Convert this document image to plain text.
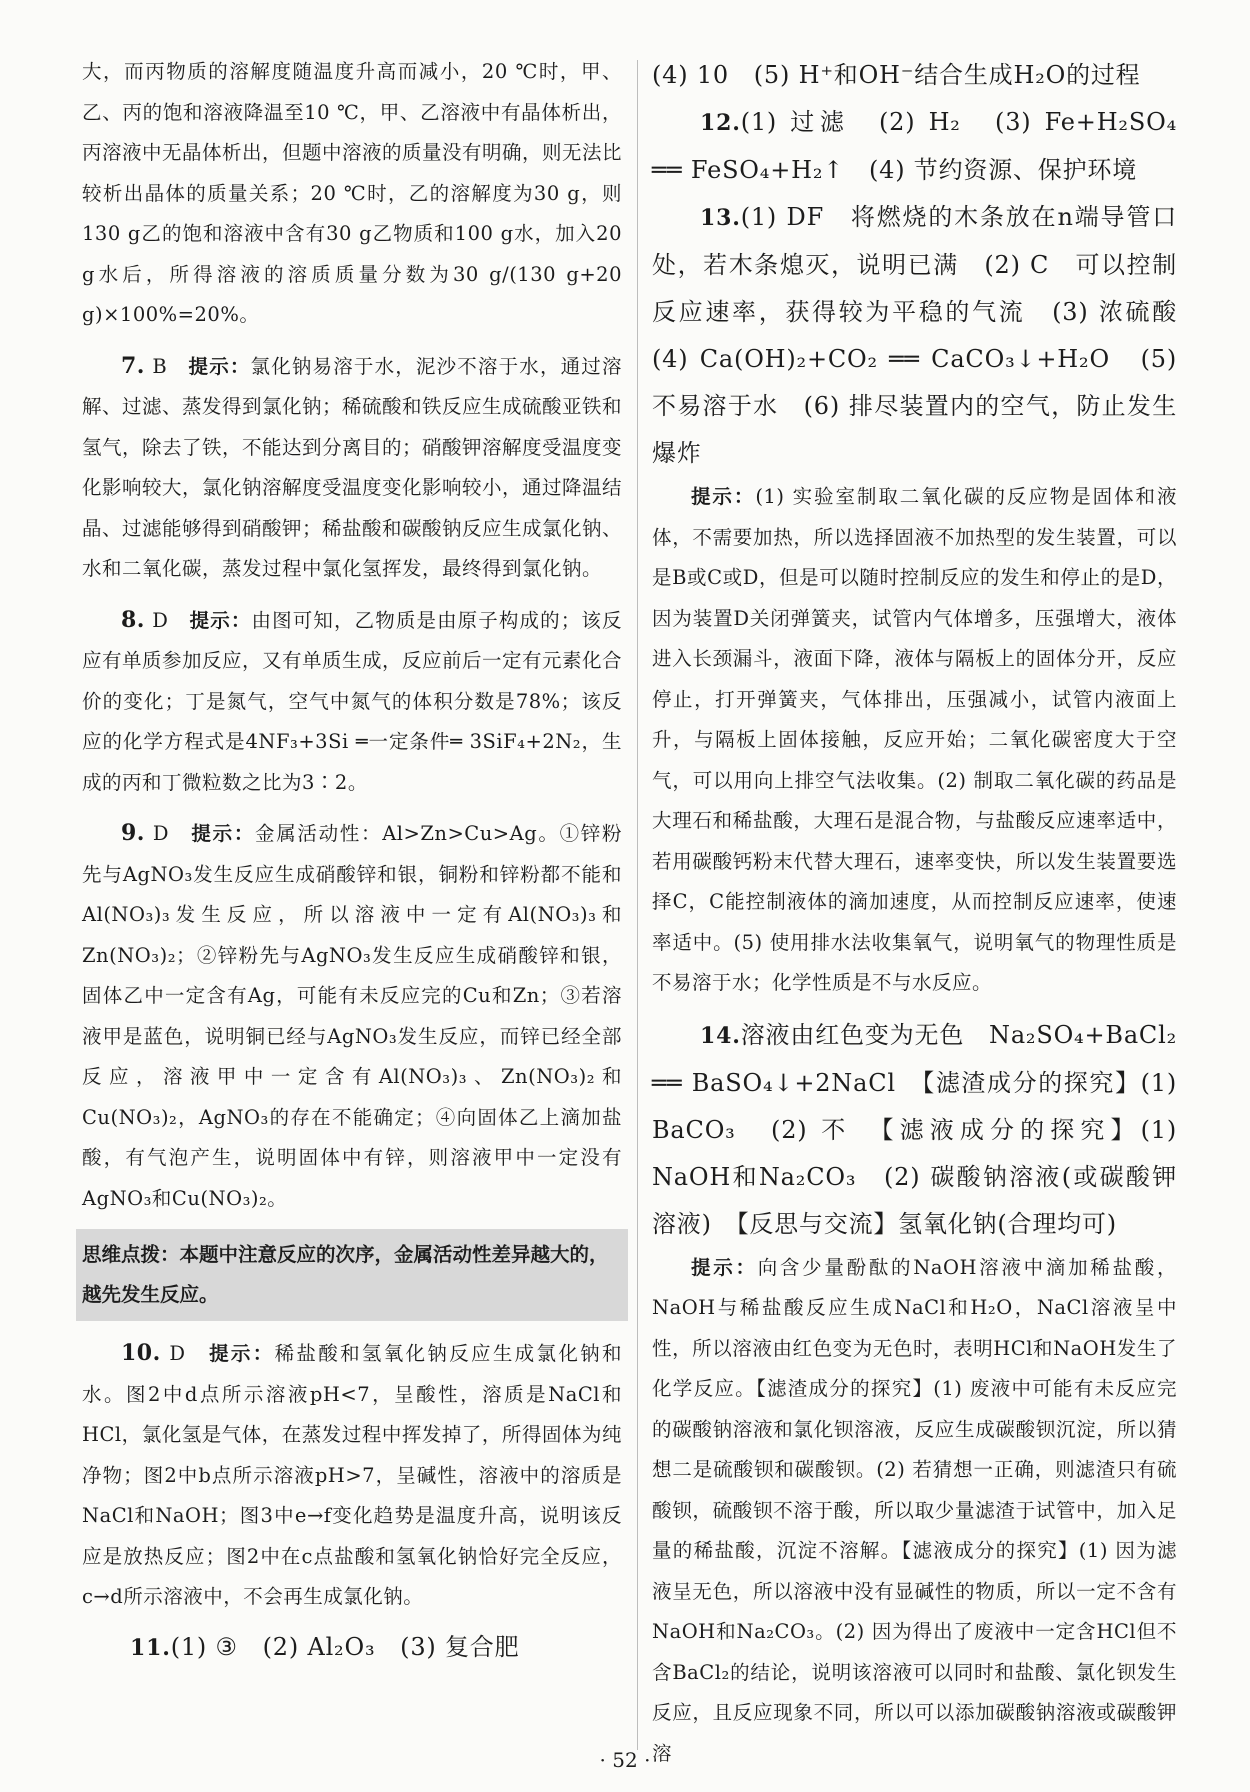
大，而丙物质的溶解度随温度升高而减小，20 ℃时，甲、乙、丙的饱和溶液降温至10 ℃，甲、乙溶液中有晶体析出，丙溶液中无晶体析出，但题中溶液的质量没有明确，则无法比较析出晶体的质量关系；20 ℃时，乙的溶解度为30 g，则130 g乙的饱和溶液中含有30 g乙物质和100 g水，加入20 g水后，所得溶液的溶质质量分数为30 g/(130 g+20 g)×100%=20%。

7. B　 提示：氯化钠易溶于水，泥沙不溶于水，通过溶解、过滤、蒸发得到氯化钠；稀硫酸和铁反应生成硫酸亚铁和氢气，除去了铁，不能达到分离目的；硝酸钾溶解度受温度变化影响较大，氯化钠溶解度受温度变化影响较小，通过降温结晶、过滤能够得到硝酸钾；稀盐酸和碳酸钠反应生成氯化钠、水和二氧化碳，蒸发过程中氯化氢挥发，最终得到氯化钠。

8. D　 提示：由图可知，乙物质是由原子构成的；该反应有单质参加反应，又有单质生成，反应前后一定有元素化合价的变化；丁是氮气，空气中氮气的体积分数是78%；该反应的化学方程式是4NF₃+3Si ═一定条件═ 3SiF₄+2N₂，生成的丙和丁微粒数之比为3∶2。

9. D　 提示：金属活动性：Al>Zn>Cu>Ag。①锌粉先与AgNO₃发生反应生成硝酸锌和银，铜粉和锌粉都不能和Al(NO₃)₃发生反应，所以溶液中一定有Al(NO₃)₃和Zn(NO₃)₂；②锌粉先与AgNO₃发生反应生成硝酸锌和银，固体乙中一定含有Ag，可能有未反应完的Cu和Zn；③若溶液甲是蓝色，说明铜已经与AgNO₃发生反应，而锌已经全部反应，溶液甲中一定含有Al(NO₃)₃、Zn(NO₃)₂和Cu(NO₃)₂，AgNO₃的存在不能确定；④向固体乙上滴加盐酸，有气泡产生，说明固体中有锌，则溶液甲中一定没有AgNO₃和Cu(NO₃)₂。

思维点拨：本题中注意反应的次序，金属活动性差异越大的，越先发生反应。

10. D　 提示：稀盐酸和氢氧化钠反应生成氯化钠和水。图2中d点所示溶液pH<7，呈酸性，溶质是NaCl和HCl，氯化氢是气体，在蒸发过程中挥发掉了，所得固体为纯净物；图2中b点所示溶液pH>7，呈碱性，溶液中的溶质是NaCl和NaOH；图3中e→f变化趋势是温度升高，说明该反应是放热反应；图2中在c点盐酸和氢氧化钠恰好完全反应，c→d所示溶液中，不会再生成氯化钠。

11.(1) ③　(2) Al₂O₃　(3) 复合肥

(4) 10　(5) H⁺和OH⁻结合生成H₂O的过程

12.(1) 过滤　(2) H₂　(3) Fe+H₂SO₄ ══ FeSO₄+H₂↑　(4) 节约资源、保护环境

13.(1) DF　将燃烧的木条放在n端导管口处，若木条熄灭，说明已满　(2) C　可以控制反应速率，获得较为平稳的气流　(3) 浓硫酸　(4) Ca(OH)₂+CO₂ ══ CaCO₃↓+H₂O　(5) 不易溶于水　(6) 排尽装置内的空气，防止发生爆炸

提示：(1) 实验室制取二氧化碳的反应物是固体和液体，不需要加热，所以选择固液不加热型的发生装置，可以是B或C或D，但是可以随时控制反应的发生和停止的是D，因为装置D关闭弹簧夹，试管内气体增多，压强增大，液体进入长颈漏斗，液面下降，液体与隔板上的固体分开，反应停止，打开弹簧夹，气体排出，压强减小，试管内液面上升，与隔板上固体接触，反应开始；二氧化碳密度大于空气，可以用向上排空气法收集。(2) 制取二氧化碳的药品是大理石和稀盐酸，大理石是混合物，与盐酸反应速率适中，若用碳酸钙粉末代替大理石，速率变快，所以发生装置要选择C，C能控制液体的滴加速度，从而控制反应速率，使速率适中。(5) 使用排水法收集氧气，说明氧气的物理性质是不易溶于水；化学性质是不与水反应。

14.溶液由红色变为无色　Na₂SO₄+BaCl₂ ══ BaSO₄↓+2NaCl　【滤渣成分的探究】(1) BaCO₃　(2) 不　【滤液成分的探究】(1) NaOH和Na₂CO₃　(2) 碳酸钠溶液(或碳酸钾溶液)　【反思与交流】氢氧化钠(合理均可)

提示：向含少量酚酞的NaOH溶液中滴加稀盐酸，NaOH与稀盐酸反应生成NaCl和H₂O，NaCl溶液呈中性，所以溶液由红色变为无色时，表明HCl和NaOH发生了化学反应。【滤渣成分的探究】(1) 废液中可能有未反应完的碳酸钠溶液和氯化钡溶液，反应生成碳酸钡沉淀，所以猜想二是硫酸钡和碳酸钡。(2) 若猜想一正确，则滤渣只有硫酸钡，硫酸钡不溶于酸，所以取少量滤渣于试管中，加入足量的稀盐酸，沉淀不溶解。【滤液成分的探究】(1) 因为滤液呈无色，所以溶液中没有显碱性的物质，所以一定不含有NaOH和Na₂CO₃。(2) 因为得出了废液中一定含HCl但不含BaCl₂的结论，说明该溶液可以同时和盐酸、氯化钡发生反应，且反应现象不同，所以可以添加碳酸钠溶液或碳酸钾溶

· 52 ·
